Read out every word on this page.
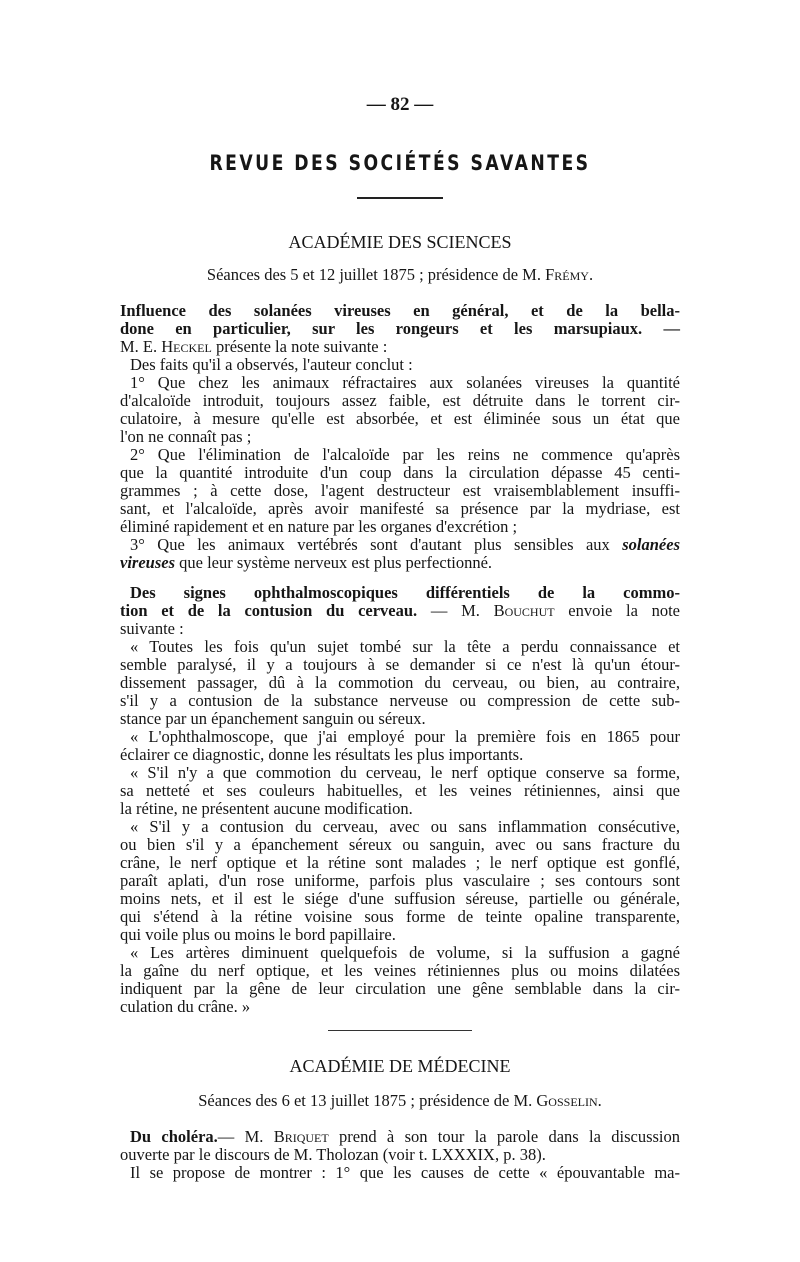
— 82 —
REVUE DES SOCIÉTÉS SAVANTES
ACADÉMIE DES SCIENCES
Séances des 5 et 12 juillet 1875 ; présidence de M. Frémy.
Influence des solanées vireuses en général, et de la bella-
done en particulier, sur les rongeurs et les marsupiaux. —
M. E. Heckel présente la note suivante :
Des faits qu'il a observés, l'auteur conclut :
1° Que chez les animaux réfractaires aux solanées vireuses la quantité
d'alcaloïde introduit, toujours assez faible, est détruite dans le torrent cir-
culatoire, à mesure qu'elle est absorbée, et est éliminée sous un état que
l'on ne connaît pas ;
2° Que l'élimination de l'alcaloïde par les reins ne commence qu'après
que la quantité introduite d'un coup dans la circulation dépasse 45 centi-
grammes ; à cette dose, l'agent destructeur est vraisemblablement insuffi-
sant, et l'alcaloïde, après avoir manifesté sa présence par la mydriase, est
éliminé rapidement et en nature par les organes d'excrétion ;
3° Que les animaux vertébrés sont d'autant plus sensibles aux solanées
vireuses que leur système nerveux est plus perfectionné.
Des signes ophthalmoscopiques différentiels de la commo-
tion et de la contusion du cerveau. — M. Bouchut envoie la note
suivante :
« Toutes les fois qu'un sujet tombé sur la tête a perdu connaissance et
semble paralysé, il y a toujours à se demander si ce n'est là qu'un étour-
dissement passager, dû à la commotion du cerveau, ou bien, au contraire,
s'il y a contusion de la substance nerveuse ou compression de cette sub-
stance par un épanchement sanguin ou séreux.
« L'ophthalmoscope, que j'ai employé pour la première fois en 1865 pour
éclairer ce diagnostic, donne les résultats les plus importants.
« S'il n'y a que commotion du cerveau, le nerf optique conserve sa forme,
sa netteté et ses couleurs habituelles, et les veines rétiniennes, ainsi que
la rétine, ne présentent aucune modification.
« S'il y a contusion du cerveau, avec ou sans inflammation consécutive,
ou bien s'il y a épanchement séreux ou sanguin, avec ou sans fracture du
crâne, le nerf optique et la rétine sont malades ; le nerf optique est gonflé,
paraît aplati, d'un rose uniforme, parfois plus vasculaire ; ses contours sont
moins nets, et il est le siége d'une suffusion séreuse, partielle ou générale,
qui s'étend à la rétine voisine sous forme de teinte opaline transparente,
qui voile plus ou moins le bord papillaire.
« Les artères diminuent quelquefois de volume, si la suffusion a gagné
la gaîne du nerf optique, et les veines rétiniennes plus ou moins dilatées
indiquent par la gêne de leur circulation une gêne semblable dans la cir-
culation du crâne. »
ACADÉMIE DE MÉDECINE
Séances des 6 et 13 juillet 1875 ; présidence de M. Gosselin.
Du choléra.— M. Briquet prend à son tour la parole dans la discussion
ouverte par le discours de M. Tholozan (voir t. LXXXIX, p. 38).
Il se propose de montrer : 1° que les causes de cette « épouvantable ma-
